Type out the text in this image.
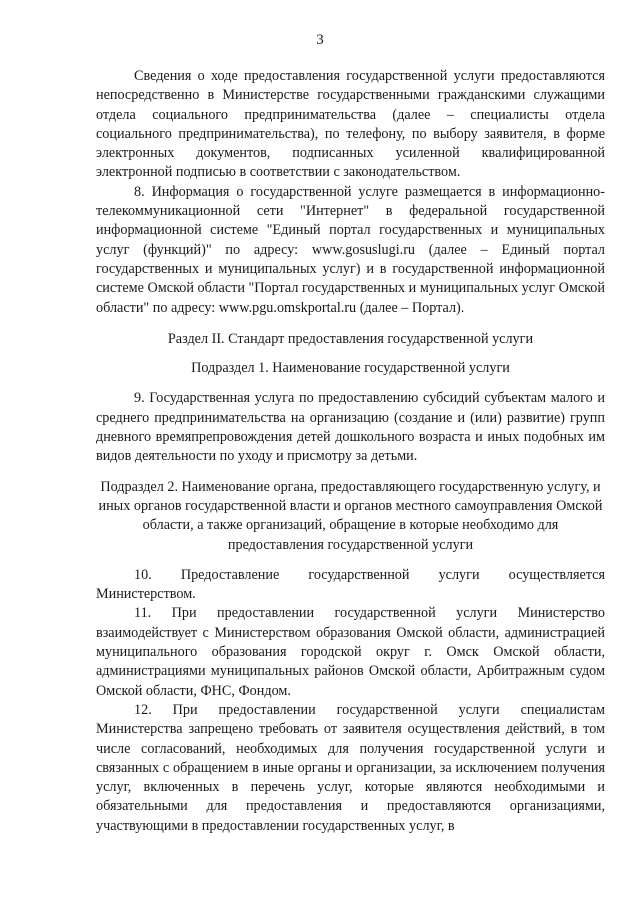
3

Сведения о ходе предоставления государственной услуги предоставляются непосредственно в Министерстве государственными гражданскими служащими отдела социального предпринимательства (далее – специалисты отдела социального предпринимательства), по телефону, по выбору заявителя, в форме электронных документов, подписанных усиленной квалифицированной электронной подписью в соответствии с законодательством.

8. Информация о государственной услуге размещается в информационно-телекоммуникационной сети "Интернет" в федеральной государственной информационной системе "Единый портал государственных и муниципальных услуг (функций)" по адресу: www.gosuslugi.ru (далее – Единый портал государственных и муниципальных услуг) и в государственной информационной системе Омской области "Портал государственных и муниципальных услуг Омской области" по адресу: www.pgu.omskportal.ru (далее – Портал).

Раздел II. Стандарт предоставления государственной услуги

Подраздел 1. Наименование государственной услуги

9. Государственная услуга по предоставлению субсидий субъектам малого и среднего предпринимательства на организацию (создание и (или) развитие) групп дневного времяпрепровождения детей дошкольного возраста и иных подобных им видов деятельности по уходу и присмотру за детьми.

Подраздел 2. Наименование органа, предоставляющего государственную услугу, и иных органов государственной власти и органов местного самоуправления Омской области, а также организаций, обращение в которые необходимо для предоставления государственной услуги

10. Предоставление государственной услуги осуществляется Министерством.

11. При предоставлении государственной услуги Министерство взаимодействует с Министерством образования Омской области, администрацией муниципального образования городской округ г. Омск Омской области, администрациями муниципальных районов Омской области, Арбитражным судом Омской области, ФНС, Фондом.

12. При предоставлении государственной услуги специалистам Министерства запрещено требовать от заявителя осуществления действий, в том числе согласований, необходимых для получения государственной услуги и связанных с обращением в иные органы и организации, за исключением получения услуг, включенных в перечень услуг, которые являются необходимыми и обязательными для предоставления и предоставляются организациями, участвующими в предоставлении государственных услуг, в
